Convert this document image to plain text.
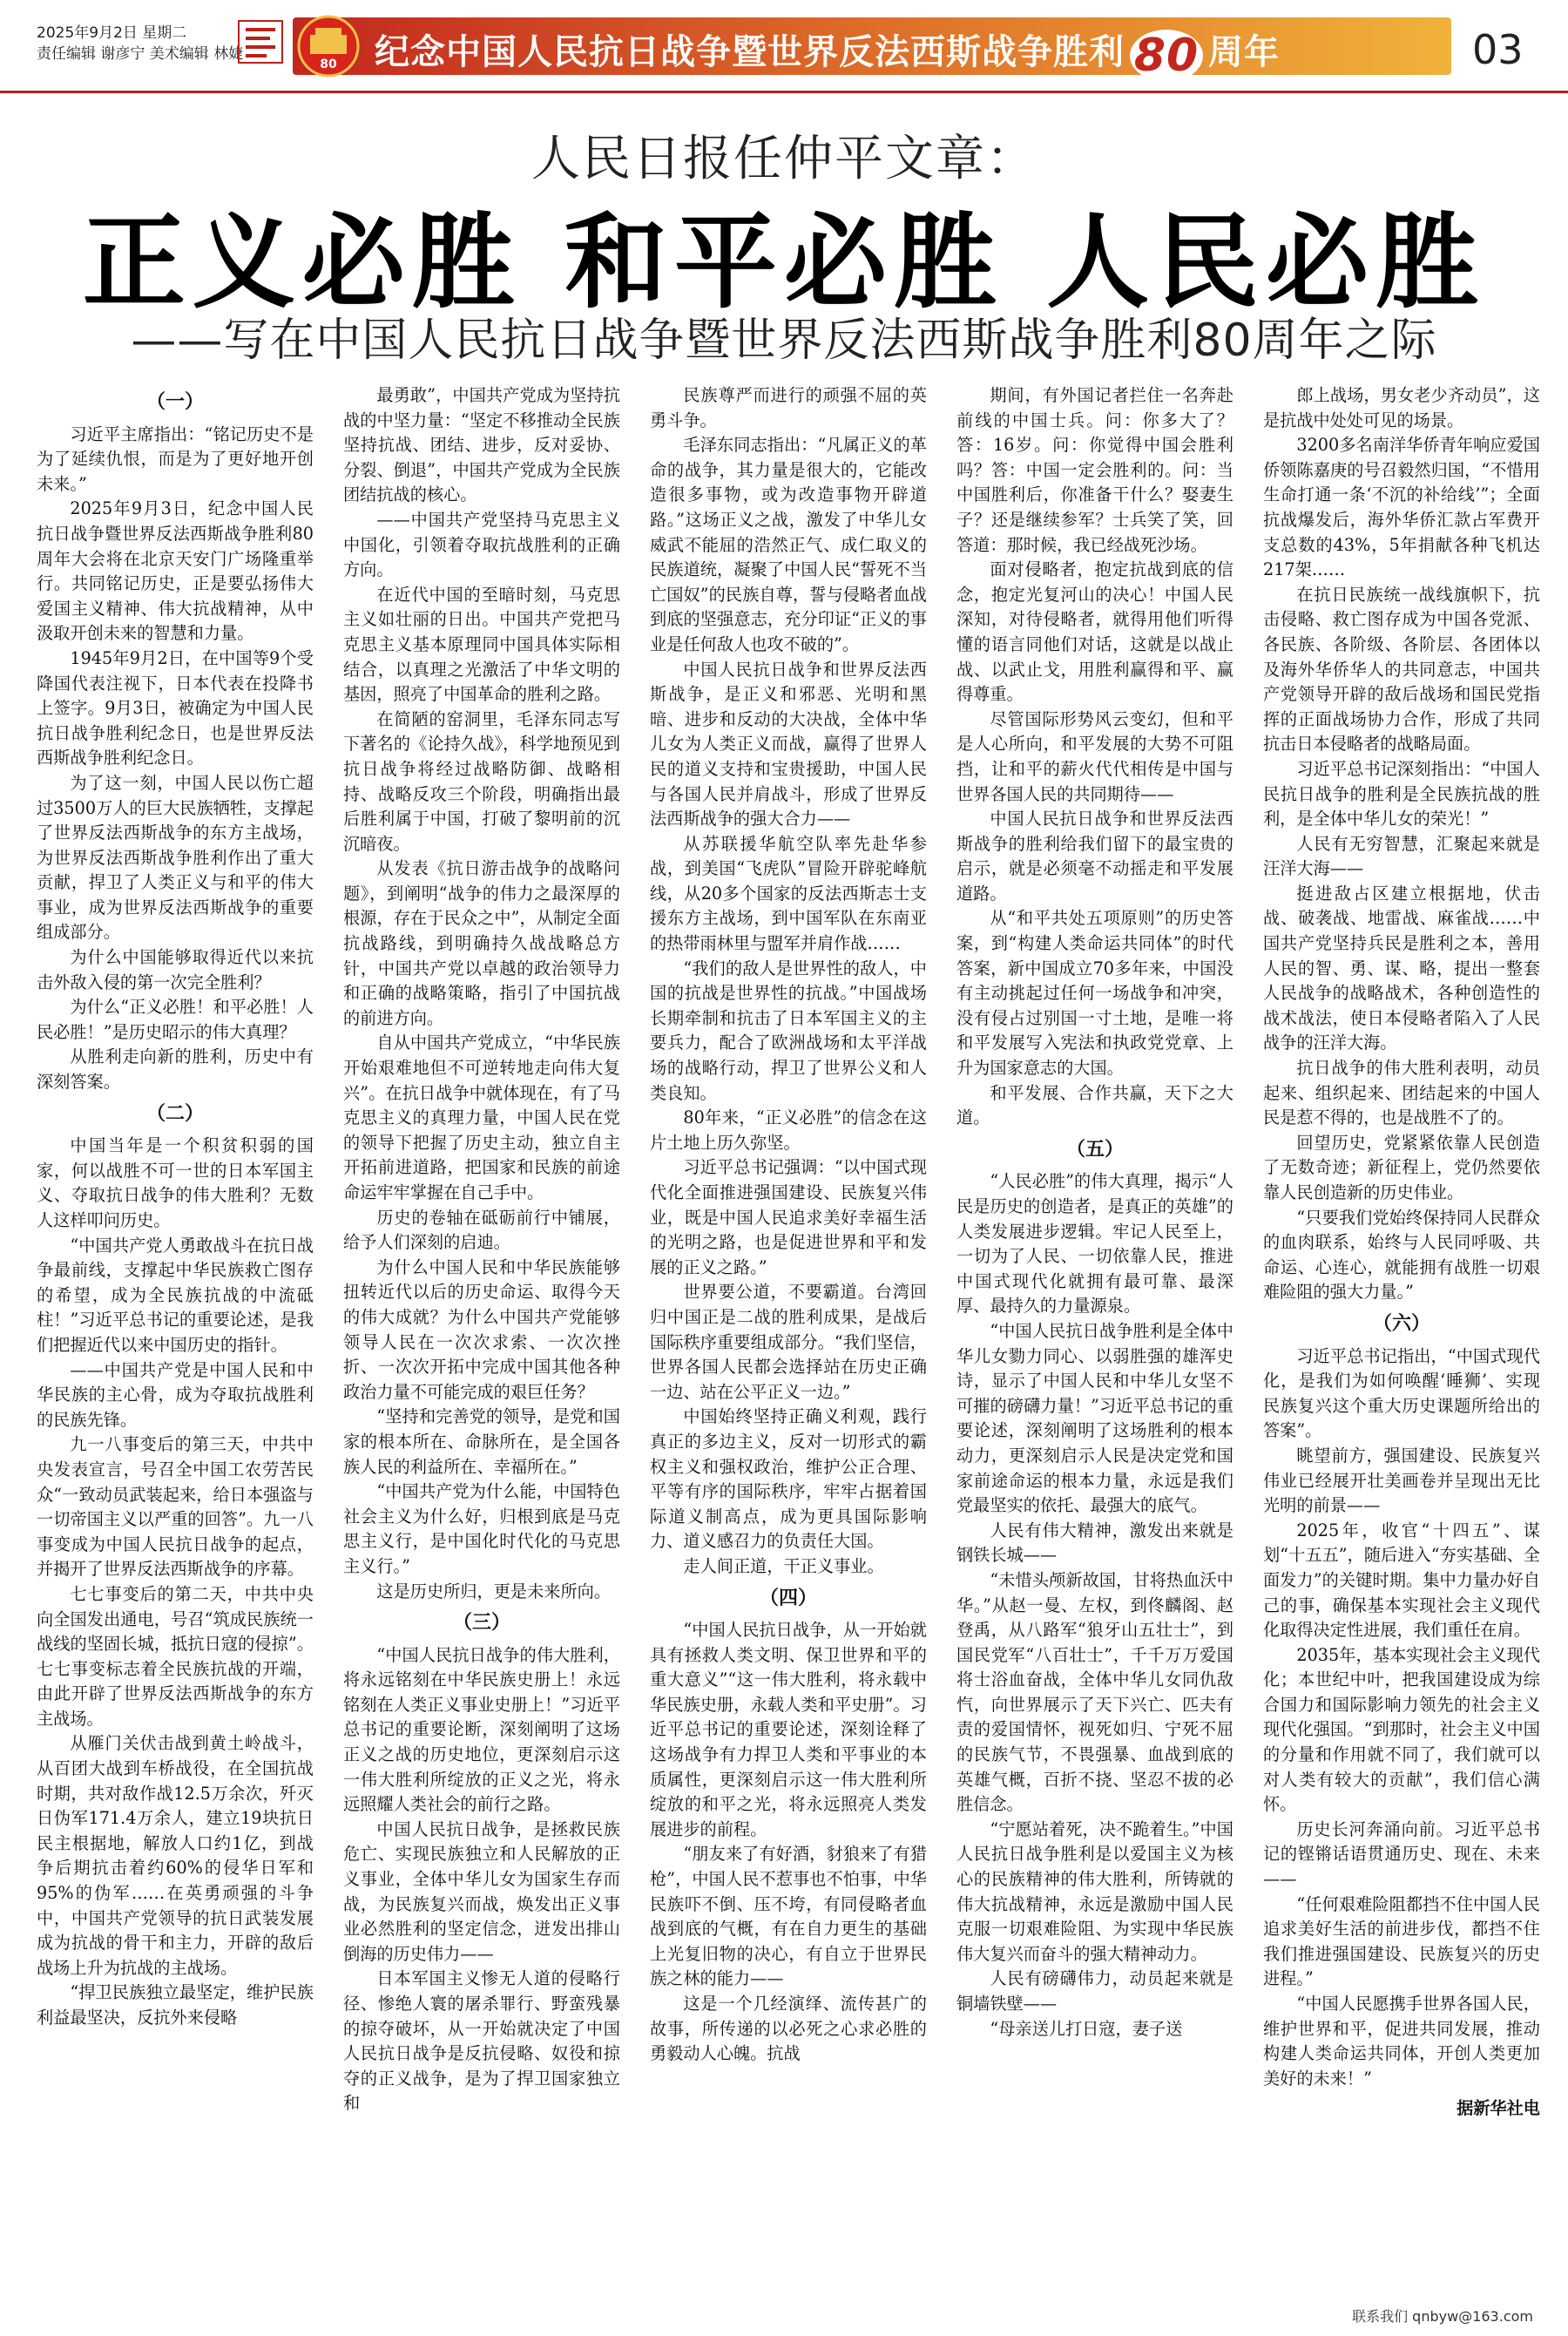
2025年9月2日 星期二
责任编辑 谢彦宁 美术编辑 林婕
80 纪念中国人民抗日战争暨世界反法西斯战争胜利 80 周年	03
人民日报任仲平文章：
正义必胜 和平必胜 人民必胜
——写在中国人民抗日战争暨世界反法西斯战争胜利80周年之际
（一）

习近平主席指出：“铭记历史不是为了延续仇恨，而是为了更好地开创未来。”

2025年9月3日，纪念中国人民抗日战争暨世界反法西斯战争胜利80周年大会将在北京天安门广场隆重举行。共同铭记历史，正是要弘扬伟大爱国主义精神、伟大抗战精神，从中汲取开创未来的智慧和力量。

1945年9月2日，在中国等9个受降国代表注视下，日本代表在投降书上签字。9月3日，被确定为中国人民抗日战争胜利纪念日，也是世界反法西斯战争胜利纪念日。

为了这一刻，中国人民以伤亡超过3500万人的巨大民族牺牲，支撑起了世界反法西斯战争的东方主战场，为世界反法西斯战争胜利作出了重大贡献，捍卫了人类正义与和平的伟大事业，成为世界反法西斯战争的重要组成部分。

为什么中国能够取得近代以来抗击外敌入侵的第一次完全胜利？

为什么“正义必胜！和平必胜！人民必胜！”是历史昭示的伟大真理？

从胜利走向新的胜利，历史中有深刻答案。

（二）

中国当年是一个积贫积弱的国家，何以战胜不可一世的日本军国主义、夺取抗日战争的伟大胜利？无数人这样叩问历史。

“中国共产党人勇敢战斗在抗日战争最前线，支撑起中华民族救亡图存的希望，成为全民族抗战的中流砥柱！”习近平总书记的重要论述，是我们把握近代以来中国历史的指针。

——中国共产党是中国人民和中华民族的主心骨，成为夺取抗战胜利的民族先锋。

九一八事变后的第三天，中共中央发表宣言，号召全中国工农劳苦民众“一致动员武装起来，给日本强盗与一切帝国主义以严重的回答”。九一八事变成为中国人民抗日战争的起点，并揭开了世界反法西斯战争的序幕。

七七事变后的第二天，中共中央向全国发出通电，号召“筑成民族统一战线的坚固长城，抵抗日寇的侵掠”。七七事变标志着全民族抗战的开端，由此开辟了世界反法西斯战争的东方主战场。

从雁门关伏击战到黄土岭战斗，从百团大战到车桥战役，在全国抗战时期，共对敌作战12.5万余次，歼灭日伪军171.4万余人，建立19块抗日民主根据地，解放人口约1亿，到战争后期抗击着约60%的侵华日军和95%的伪军……在英勇顽强的斗争中，中国共产党领导的抗日武装发展成为抗战的骨干和主力，开辟的敌后战场上升为抗战的主战场。

“捍卫民族独立最坚定，维护民族利益最坚决，反抗外来侵略

最勇敢”，中国共产党成为坚持抗战的中坚力量：“坚定不移推动全民族坚持抗战、团结、进步，反对妥协、分裂、倒退”，中国共产党成为全民族团结抗战的核心。

——中国共产党坚持马克思主义中国化，引领着夺取抗战胜利的正确方向。

在近代中国的至暗时刻，马克思主义如壮丽的日出。中国共产党把马克思主义基本原理同中国具体实际相结合，以真理之光激活了中华文明的基因，照亮了中国革命的胜利之路。

在简陋的窑洞里，毛泽东同志写下著名的《论持久战》，科学地预见到抗日战争将经过战略防御、战略相持、战略反攻三个阶段，明确指出最后胜利属于中国，打破了黎明前的沉沉暗夜。

从发表《抗日游击战争的战略问题》，到阐明“战争的伟力之最深厚的根源，存在于民众之中”，从制定全面抗战路线，到明确持久战战略总方针，中国共产党以卓越的政治领导力和正确的战略策略，指引了中国抗战的前进方向。

自从中国共产党成立，“中华民族开始艰难地但不可逆转地走向伟大复兴”。在抗日战争中就体现在，有了马克思主义的真理力量，中国人民在党的领导下把握了历史主动，独立自主开拓前进道路，把国家和民族的前途命运牢牢掌握在自己手中。

历史的卷轴在砥砺前行中铺展，给予人们深刻的启迪。

为什么中国人民和中华民族能够扭转近代以后的历史命运、取得今天的伟大成就？为什么中国共产党能够领导人民在一次次求索、一次次挫折、一次次开拓中完成中国其他各种政治力量不可能完成的艰巨任务？

“坚持和完善党的领导，是党和国家的根本所在、命脉所在，是全国各族人民的利益所在、幸福所在。”

“中国共产党为什么能，中国特色社会主义为什么好，归根到底是马克思主义行，是中国化时代化的马克思主义行。”

这是历史所归，更是未来所向。

（三）

“中国人民抗日战争的伟大胜利，将永远铭刻在中华民族史册上！永远铭刻在人类正义事业史册上！”习近平总书记的重要论断，深刻阐明了这场正义之战的历史地位，更深刻启示这一伟大胜利所绽放的正义之光，将永远照耀人类社会的前行之路。

中国人民抗日战争，是拯救民族危亡、实现民族独立和人民解放的正义事业，全体中华儿女为国家生存而战，为民族复兴而战，焕发出正义事业必然胜利的坚定信念，迸发出排山倒海的历史伟力——

日本军国主义惨无人道的侵略行径、惨绝人寰的屠杀罪行、野蛮残暴的掠夺破坏，从一开始就决定了中国人民抗日战争是反抗侵略、奴役和掠夺的正义战争，是为了捍卫国家独立和

民族尊严而进行的顽强不屈的英勇斗争。

毛泽东同志指出：“凡属正义的革命的战争，其力量是很大的，它能改造很多事物，或为改造事物开辟道路。”这场正义之战，激发了中华儿女威武不能屈的浩然正气、成仁取义的民族道统，凝聚了中国人民“誓死不当亡国奴”的民族自尊，誓与侵略者血战到底的坚强意志，充分印证“正义的事业是任何敌人也攻不破的”。

中国人民抗日战争和世界反法西斯战争，是正义和邪恶、光明和黑暗、进步和反动的大决战，全体中华儿女为人类正义而战，赢得了世界人民的道义支持和宝贵援助，中国人民与各国人民并肩战斗，形成了世界反法西斯战争的强大合力——

从苏联援华航空队率先赴华参战，到美国“飞虎队”冒险开辟驼峰航线，从20多个国家的反法西斯志士支援东方主战场，到中国军队在东南亚的热带雨林里与盟军并肩作战……

“我们的敌人是世界性的敌人，中国的抗战是世界性的抗战。”中国战场长期牵制和抗击了日本军国主义的主要兵力，配合了欧洲战场和太平洋战场的战略行动，捍卫了世界公义和人类良知。

80年来，“正义必胜”的信念在这片土地上历久弥坚。

习近平总书记强调：“以中国式现代化全面推进强国建设、民族复兴伟业，既是中国人民追求美好幸福生活的光明之路，也是促进世界和平和发展的正义之路。”

世界要公道，不要霸道。台湾回归中国正是二战的胜利成果，是战后国际秩序重要组成部分。“我们坚信，世界各国人民都会选择站在历史正确一边、站在公平正义一边。”

中国始终坚持正确义利观，践行真正的多边主义，反对一切形式的霸权主义和强权政治，维护公正合理、平等有序的国际秩序，牢牢占据着国际道义制高点，成为更具国际影响力、道义感召力的负责任大国。

走人间正道，干正义事业。

（四）

“中国人民抗日战争，从一开始就具有拯救人类文明、保卫世界和平的重大意义”“这一伟大胜利，将永载中华民族史册，永载人类和平史册”。习近平总书记的重要论述，深刻诠释了这场战争有力捍卫人类和平事业的本质属性，更深刻启示这一伟大胜利所绽放的和平之光，将永远照亮人类发展进步的前程。

“朋友来了有好酒，豺狼来了有猎枪”，中国人民不惹事也不怕事，中华民族吓不倒、压不垮，有同侵略者血战到底的气概，有在自力更生的基础上光复旧物的决心，有自立于世界民族之林的能力——

这是一个几经演绎、流传甚广的故事，所传递的以必死之心求必胜的勇毅动人心魄。抗战

期间，有外国记者拦住一名奔赴前线的中国士兵。问：你多大了？答：16岁。问：你觉得中国会胜利吗？答：中国一定会胜利的。问：当中国胜利后，你准备干什么？娶妻生子？还是继续参军？士兵笑了笑，回答道：那时候，我已经战死沙场。

面对侵略者，抱定抗战到底的信念，抱定光复河山的决心！中国人民深知，对待侵略者，就得用他们听得懂的语言同他们对话，这就是以战止战、以武止戈，用胜利赢得和平、赢得尊重。

尽管国际形势风云变幻，但和平是人心所向，和平发展的大势不可阻挡，让和平的薪火代代相传是中国与世界各国人民的共同期待——

中国人民抗日战争和世界反法西斯战争的胜利给我们留下的最宝贵的启示，就是必须毫不动摇走和平发展道路。

从“和平共处五项原则”的历史答案，到“构建人类命运共同体”的时代答案，新中国成立70多年来，中国没有主动挑起过任何一场战争和冲突，没有侵占过别国一寸土地，是唯一将和平发展写入宪法和执政党党章、上升为国家意志的大国。

和平发展、合作共赢，天下之大道。

（五）

“人民必胜”的伟大真理，揭示“人民是历史的创造者，是真正的英雄”的人类发展进步逻辑。牢记人民至上，一切为了人民、一切依靠人民，推进中国式现代化就拥有最可靠、最深厚、最持久的力量源泉。

“中国人民抗日战争胜利是全体中华儿女勠力同心、以弱胜强的雄浑史诗，显示了中国人民和中华儿女坚不可摧的磅礴力量！”习近平总书记的重要论述，深刻阐明了这场胜利的根本动力，更深刻启示人民是决定党和国家前途命运的根本力量，永远是我们党最坚实的依托、最强大的底气。

人民有伟大精神，激发出来就是钢铁长城——

“未惜头颅新故国，甘将热血沃中华。”从赵一曼、左权，到佟麟阁、赵登禹，从八路军“狼牙山五壮士”，到国民党军“八百壮士”，千千万万爱国将士浴血奋战，全体中华儿女同仇敌忾，向世界展示了天下兴亡、匹夫有责的爱国情怀，视死如归、宁死不屈的民族气节，不畏强暴、血战到底的英雄气概，百折不挠、坚忍不拔的必胜信念。

“宁愿站着死，决不跪着生。”中国人民抗日战争胜利是以爱国主义为核心的民族精神的伟大胜利，所铸就的伟大抗战精神，永远是激励中国人民克服一切艰难险阻、为实现中华民族伟大复兴而奋斗的强大精神动力。

人民有磅礴伟力，动员起来就是铜墙铁壁——

“母亲送儿打日寇，妻子送

郎上战场，男女老少齐动员”，这是抗战中处处可见的场景。

3200多名南洋华侨青年响应爱国侨领陈嘉庚的号召毅然归国，“不惜用生命打通一条‘不沉的补给线’”；全面抗战爆发后，海外华侨汇款占军费开支总数的43%，5年捐献各种飞机达217架……

在抗日民族统一战线旗帜下，抗击侵略、救亡图存成为中国各党派、各民族、各阶级、各阶层、各团体以及海外华侨华人的共同意志，中国共产党领导开辟的敌后战场和国民党指挥的正面战场协力合作，形成了共同抗击日本侵略者的战略局面。

习近平总书记深刻指出：“中国人民抗日战争的胜利是全民族抗战的胜利，是全体中华儿女的荣光！”

人民有无穷智慧，汇聚起来就是汪洋大海——

挺进敌占区建立根据地，伏击战、破袭战、地雷战、麻雀战……中国共产党坚持兵民是胜利之本，善用人民的智、勇、谋、略，提出一整套人民战争的战略战术，各种创造性的战术战法，使日本侵略者陷入了人民战争的汪洋大海。

抗日战争的伟大胜利表明，动员起来、组织起来、团结起来的中国人民是惹不得的，也是战胜不了的。

回望历史，党紧紧依靠人民创造了无数奇迹；新征程上，党仍然要依靠人民创造新的历史伟业。

“只要我们党始终保持同人民群众的血肉联系，始终与人民同呼吸、共命运、心连心，就能拥有战胜一切艰难险阻的强大力量。”

（六）

习近平总书记指出，“中国式现代化，是我们为如何唤醒‘睡狮’、实现民族复兴这个重大历史课题所给出的答案”。

眺望前方，强国建设、民族复兴伟业已经展开壮美画卷并呈现出无比光明的前景——

2025年，收官“十四五”、谋划“十五五”，随后进入“夯实基础、全面发力”的关键时期。集中力量办好自己的事，确保基本实现社会主义现代化取得决定性进展，我们重任在肩。

2035年，基本实现社会主义现代化；本世纪中叶，把我国建设成为综合国力和国际影响力领先的社会主义现代化强国。“到那时，社会主义中国的分量和作用就不同了，我们就可以对人类有较大的贡献”，我们信心满怀。

历史长河奔涌向前。习近平总书记的铿锵话语贯通历史、现在、未来——

“任何艰难险阻都挡不住中国人民追求美好生活的前进步伐，都挡不住我们推进强国建设、民族复兴的历史进程。”

“中国人民愿携手世界各国人民，维护世界和平，促进共同发展，推动构建人类命运共同体，开创人类更加美好的未来！”

据新华社电

联系我们 qnbyw@163.com
